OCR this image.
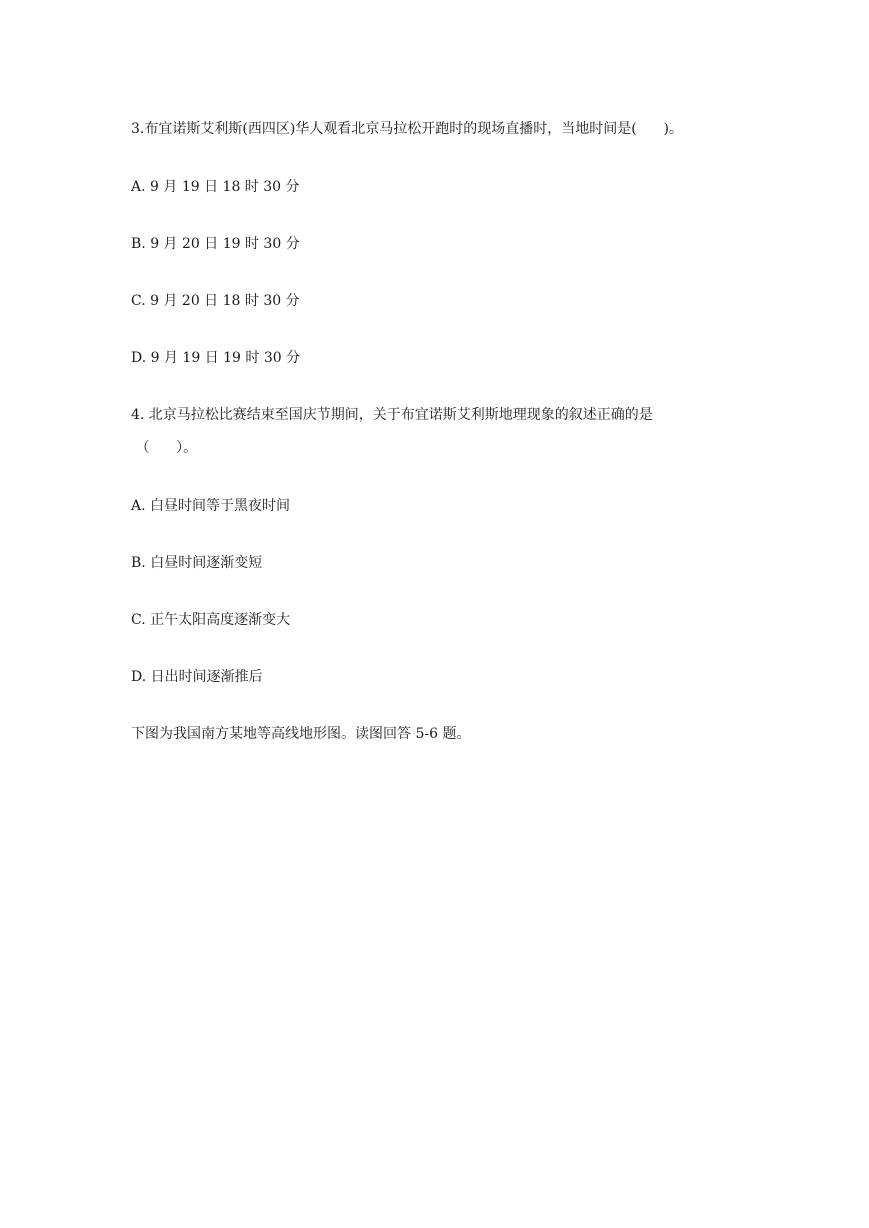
3.布宜诺斯艾利斯(西四区)华人观看北京马拉松开跑时的现场直播时，当地时间是(      )。
A. 9 月 19 日 18 时 30 分
B. 9 月 20 日 19 时 30 分
C. 9 月 20 日 18 时 30 分
D. 9 月 19 日 19 时 30 分
4. 北京马拉松比赛结束至国庆节期间，关于布宜诺斯艾利斯地理现象的叙述正确的是
（      ）。
A. 白昼时间等于黑夜时间
B. 白昼时间逐渐变短
C. 正午太阳高度逐渐变大
D. 日出时间逐渐推后
下图为我国南方某地等高线地形图。读图回答 5-6 题。
